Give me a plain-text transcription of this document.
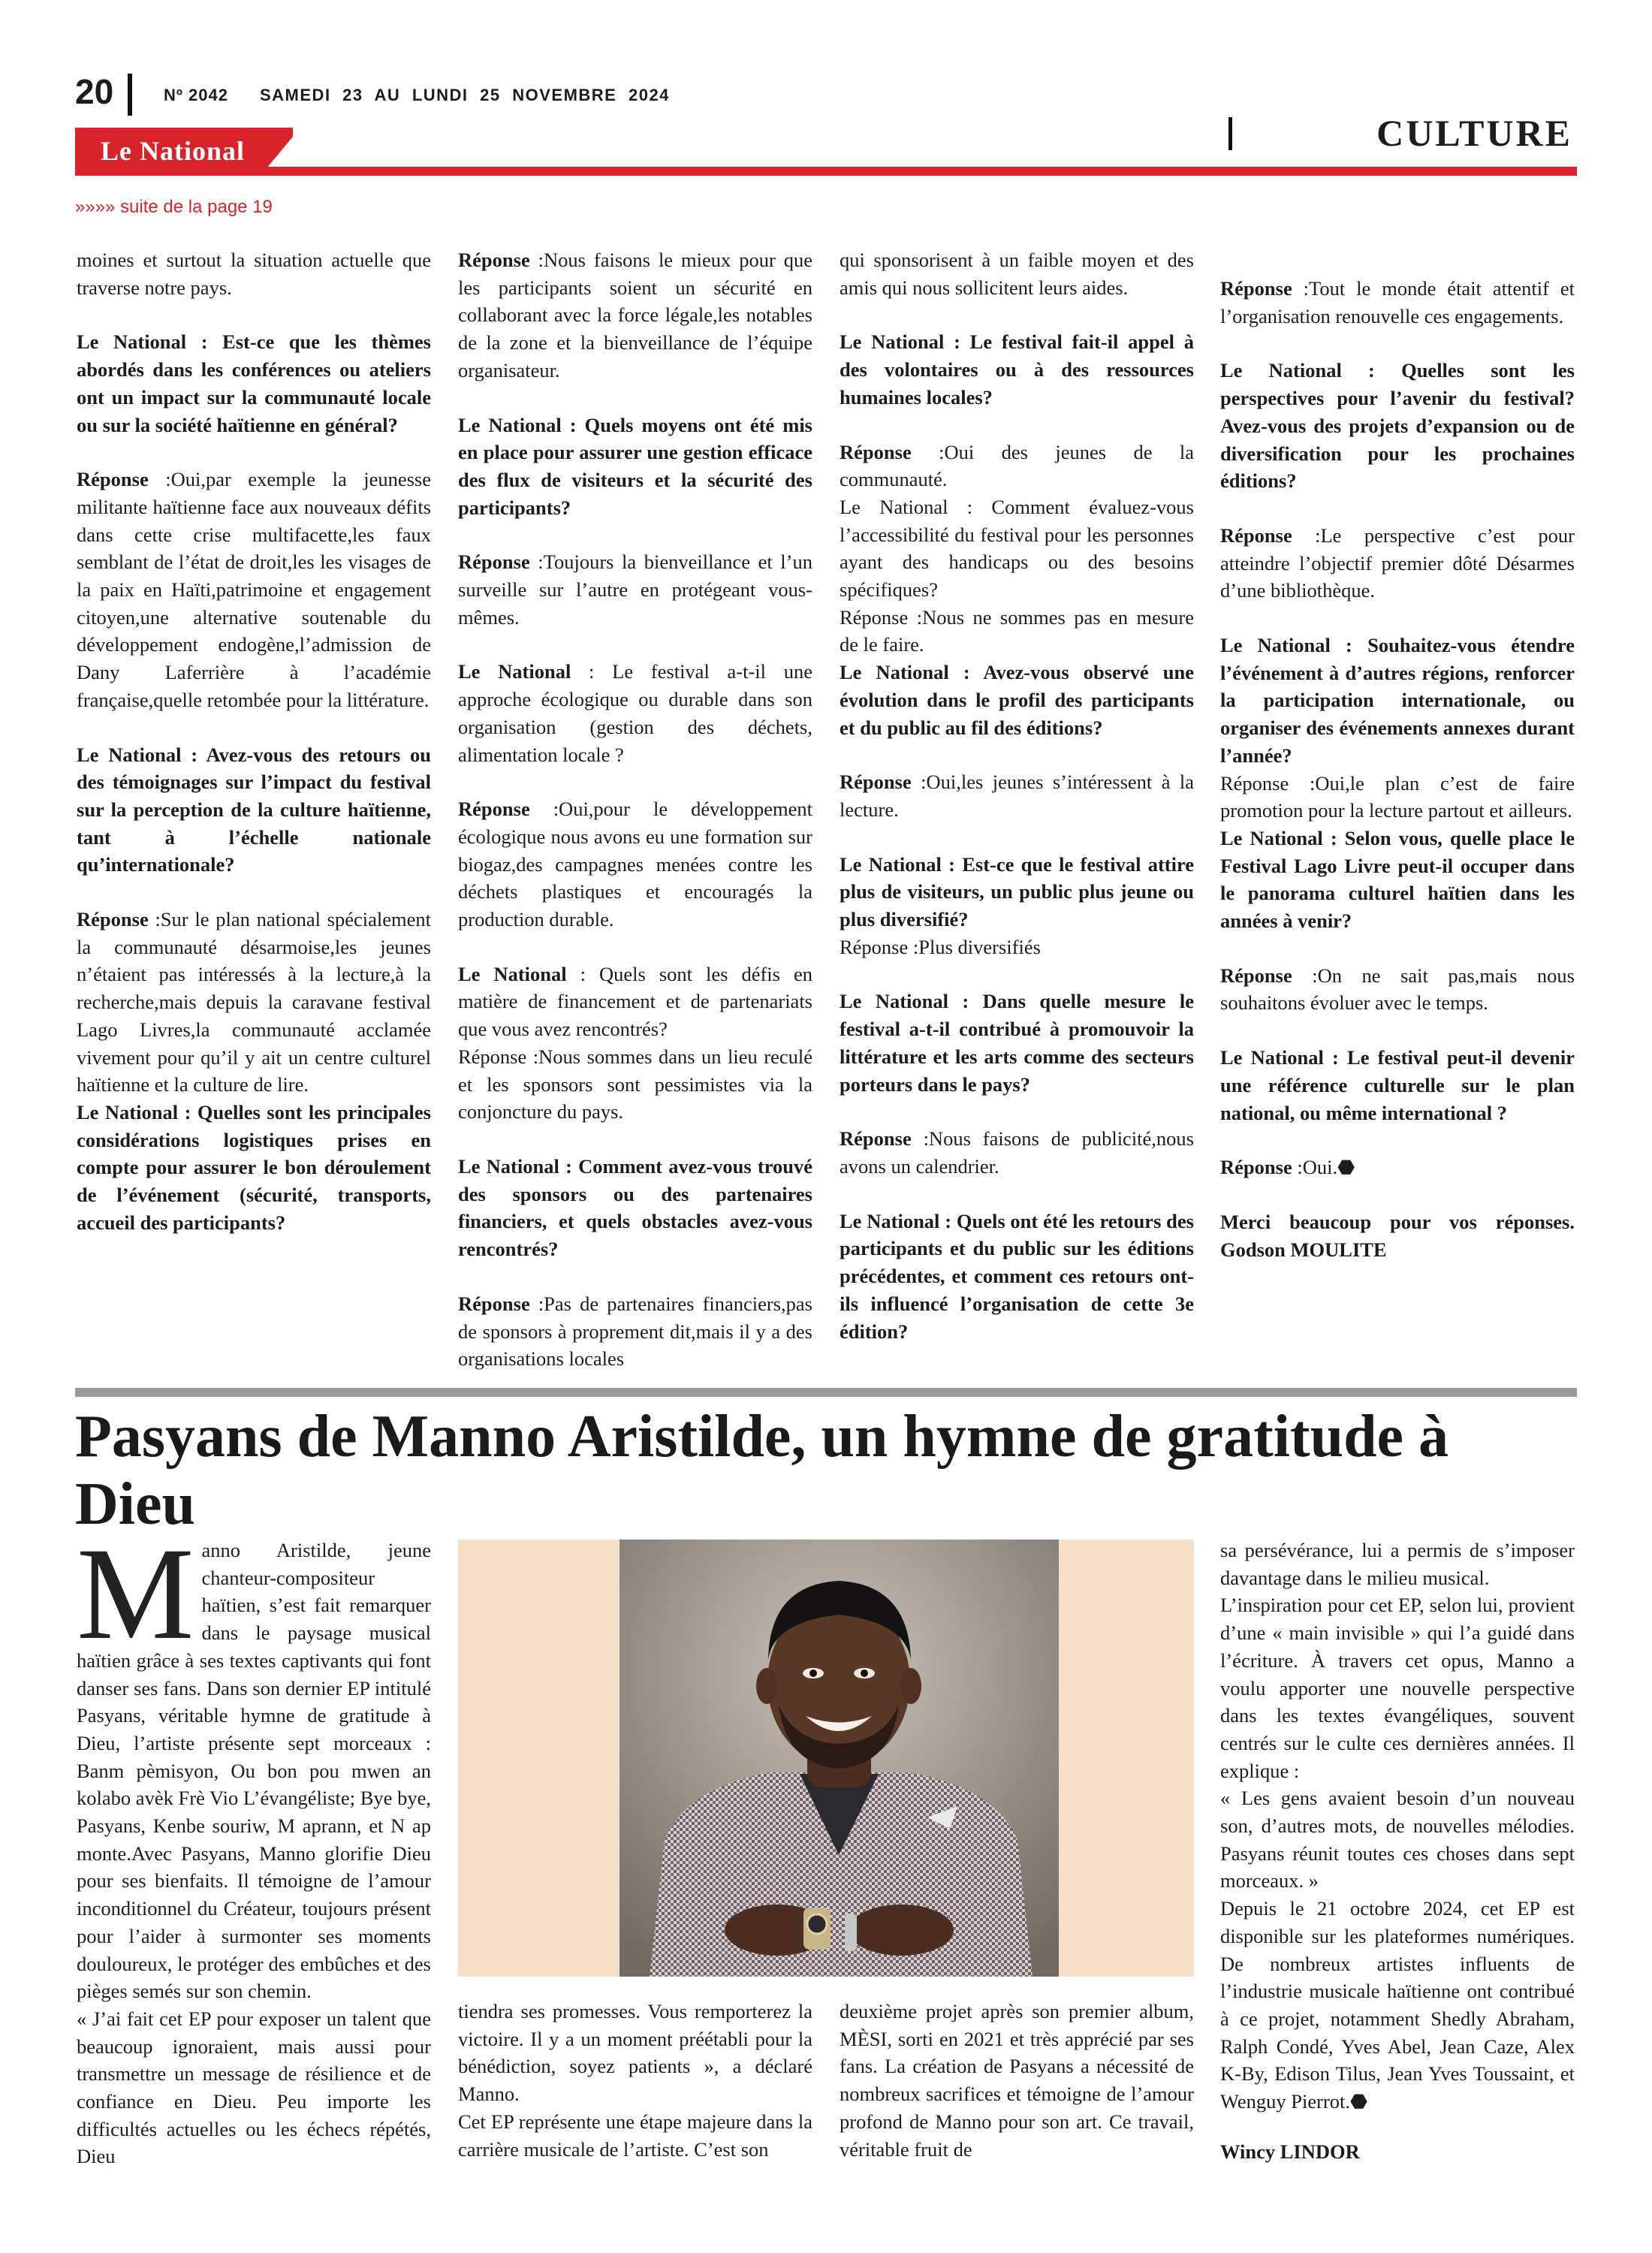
20	Nº 2042 SAMEDI 23 AU LUNDI 25 NOVEMBRE 2024
CULTURE
Le National
»»»» suite de la page 19

moines et surtout la situation actuelle que traverse notre pays.

Le National : Est-ce que les thèmes abordés dans les conférences ou ateliers ont un impact sur la communauté locale ou sur la société haïtienne en général?

Réponse :Oui,par exemple la jeunesse militante haïtienne face aux nouveaux défits dans cette crise multifacette,les faux semblant de l’état de droit,les les visages de la paix en Haïti,patrimoine et engagement citoyen,une alternative soutenable du développement endogène,l’admission de Dany Laferrière à l’académie française,quelle retombée pour la littérature.

Le National : Avez-vous des retours ou des témoignages sur l’impact du festival sur la perception de la culture haïtienne, tant à l’échelle nationale qu’internationale?

Réponse :Sur le plan national spécialement la communauté désarmoise,les jeunes n’étaient pas intéressés à la lecture,à la recherche,mais depuis la caravane festival Lago Livres,la communauté acclamée vivement pour qu’il y ait un centre culturel haïtienne et la culture de lire.

Le National : Quelles sont les principales considérations logistiques prises en compte pour assurer le bon déroulement de l’événement (sécurité, transports, accueil des participants?

Réponse :Nous faisons le mieux pour que les participants soient un sécurité en collaborant avec la force légale,les notables de la zone et la bienveillance de l’équipe organisateur.

Le National : Quels moyens ont été mis en place pour assurer une gestion efficace des flux de visiteurs et la sécurité des participants?

Réponse :Toujours la bienveillance et l’un surveille sur l’autre en protégeant vous-mêmes.

Le National : Le festival a-t-il une approche écologique ou durable dans son organisation (gestion des déchets, alimentation locale ?

Réponse :Oui,pour le développement écologique nous avons eu une formation sur biogaz,des campagnes menées contre les déchets plastiques et encouragés la production durable.

Le National : Quels sont les défis en matière de financement et de partenariats que vous avez rencontrés?

Réponse :Nous sommes dans un lieu reculé et les sponsors sont pessimistes via la conjoncture du pays.

Le National : Comment avez-vous trouvé des sponsors ou des partenaires financiers, et quels obstacles avez-vous rencontrés?

Réponse :Pas de partenaires financiers,pas de sponsors à proprement dit,mais il y a des organisations locales

qui sponsorisent à un faible moyen et des amis qui nous sollicitent leurs aides.

Le National : Le festival fait-il appel à des volontaires ou à des ressources humaines locales?

Réponse :Oui des jeunes de la communauté.

Le National : Comment évaluez-vous l’accessibilité du festival pour les personnes ayant des handicaps ou des besoins spécifiques?

Réponse :Nous ne sommes pas en mesure de le faire.

Le National : Avez-vous observé une évolution dans le profil des participants et du public au fil des éditions?

Réponse :Oui,les jeunes s’intéressent à la lecture.

Le National : Est-ce que le festival attire plus de visiteurs, un public plus jeune ou plus diversifié?

Réponse :Plus diversifiés

Le National : Dans quelle mesure le festival a-t-il contribué à promouvoir la littérature et les arts comme des secteurs porteurs dans le pays?

Réponse :Nous faisons de publicité,nous avons un calendrier.

Le National : Quels ont été les retours des participants et du public sur les éditions précédentes, et comment ces retours ont-ils influencé l’organisation de cette 3e édition?

Réponse :Tout le monde était attentif et l’organisation renouvelle ces engagements.

Le National : Quelles sont les perspectives pour l’avenir du festival? Avez-vous des projets d’expansion ou de diversification pour les prochaines éditions?

Réponse :Le perspective c’est pour atteindre l’objectif premier dôté Désarmes d’une bibliothèque.

Le National : Souhaitez-vous étendre l’événement à d’autres régions, renforcer la participation internationale, ou organiser des événements annexes durant l’année?

Réponse :Oui,le plan c’est de faire promotion pour la lecture partout et ailleurs.

Le National : Selon vous, quelle place le Festival Lago Livre peut-il occuper dans le panorama culturel haïtien dans les années à venir?

Réponse :On ne sait pas,mais nous souhaitons évoluer avec le temps.

Le National : Le festival peut-il devenir une référence culturelle sur le plan national, ou même international ?

Réponse :Oui.⬣

Merci beaucoup pour vos réponses. Godson MOULITE

Pasyans de Manno Aristilde, un hymne de gratitude à Dieu
M anno Aristilde, jeune chanteur-compositeur haïtien, s’est fait remarquer dans le paysage musical haïtien grâce à ses textes captivants qui font danser ses fans. Dans son dernier EP intitulé Pasyans, véritable hymne de gratitude à Dieu, l’artiste présente sept morceaux : Banm pèmisyon, Ou bon pou mwen an kolabo avèk Frè Vio L’évangéliste; Bye bye, Pasyans, Kenbe souriw, M aprann, et N ap monte.Avec Pasyans, Manno glorifie Dieu pour ses bienfaits. Il témoigne de l’amour inconditionnel du Créateur, toujours présent pour l’aider à surmonter ses moments douloureux, le protéger des embûches et des pièges semés sur son chemin.

« J’ai fait cet EP pour exposer un talent que beaucoup ignoraient, mais aussi pour transmettre un message de résilience et de confiance en Dieu. Peu importe les difficultés actuelles ou les échecs répétés, Dieu

tiendra ses promesses. Vous remporterez la victoire. Il y a un moment préétabli pour la bénédiction, soyez patients », a déclaré Manno.

Cet EP représente une étape majeure dans la carrière musicale de l’artiste. C’est son

deuxième projet après son premier album, MÈSI, sorti en 2021 et très apprécié par ses fans. La création de Pasyans a nécessité de nombreux sacrifices et témoigne de l’amour profond de Manno pour son art. Ce travail, véritable fruit de

sa persévérance, lui a permis de s’imposer davantage dans le milieu musical.

L’inspiration pour cet EP, selon lui, provient d’une « main invisible » qui l’a guidé dans l’écriture. À travers cet opus, Manno a voulu apporter une nouvelle perspective dans les textes évangéliques, souvent centrés sur le culte ces dernières années. Il explique :

« Les gens avaient besoin d’un nouveau son, d’autres mots, de nouvelles mélodies. Pasyans réunit toutes ces choses dans sept morceaux. »

Depuis le 21 octobre 2024, cet EP est disponible sur les plateformes numériques. De nombreux artistes influents de l’industrie musicale haïtienne ont contribué à ce projet, notamment Shedly Abraham, Ralph Condé, Yves Abel, Jean Caze, Alex K-By, Edison Tilus, Jean Yves Toussaint, et Wenguy Pierrot.⬣

Wincy LINDOR
